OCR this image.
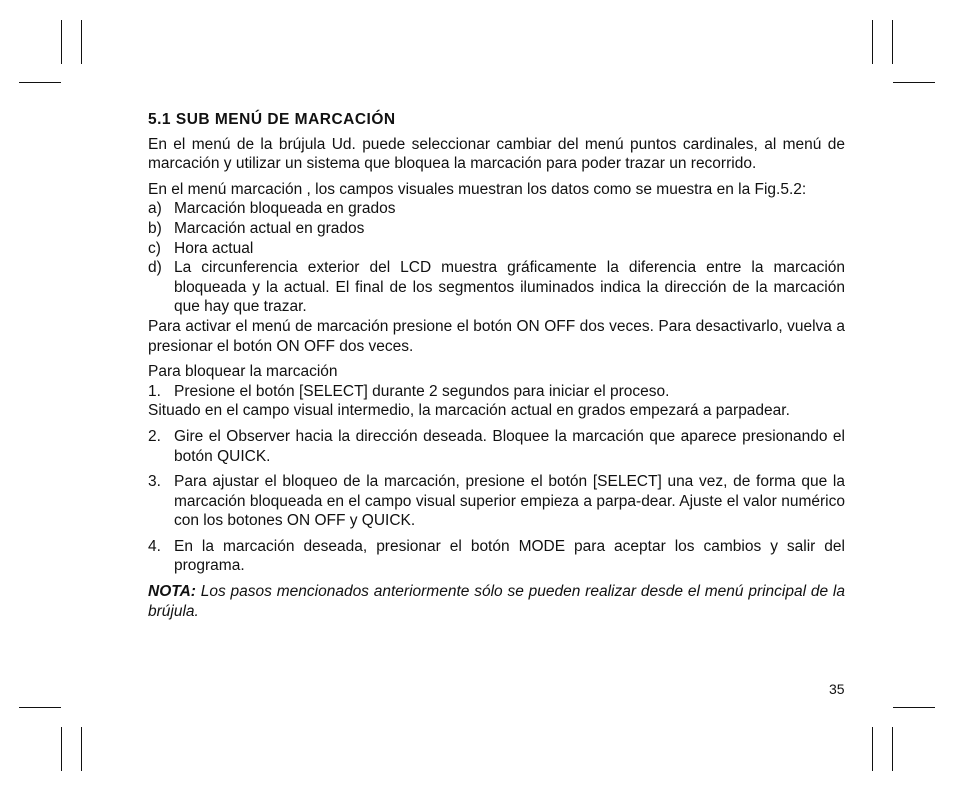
5.1 SUB MENÚ DE MARCACIÓN
En el menú de la brújula Ud. puede seleccionar cambiar del menú puntos cardinales, al menú de marcación y utilizar un sistema que bloquea la marcación para poder trazar un recorrido.
En el menú marcación , los campos visuales muestran los datos como se muestra en la Fig.5.2:
a) Marcación bloqueada en grados
b) Marcación actual en grados
c) Hora actual
d) La circunferencia exterior del LCD muestra gráficamente la diferencia entre la marcación bloqueada y la actual. El final de los segmentos iluminados indica la dirección de la marcación que hay que trazar.
Para activar el menú de marcación presione el botón ON OFF dos veces. Para desactivarlo, vuelva a presionar el botón ON OFF dos veces.
Para bloquear la marcación
1. Presione el botón [SELECT] durante 2 segundos para iniciar el proceso.
Situado en el campo visual intermedio, la marcación actual en grados empezará a parpadear.
2. Gire el Observer hacia la dirección deseada. Bloquee la marcación que aparece presionando el botón QUICK.
3. Para ajustar el bloqueo de la marcación, presione el botón [SELECT] una vez, de forma que la marcación bloqueada en el campo visual superior empieza a parpa-dear. Ajuste el valor numérico con los botones ON OFF y QUICK.
4. En la marcación deseada, presionar el botón MODE para aceptar los cambios y salir del programa.
NOTA: Los pasos mencionados anteriormente sólo se pueden realizar desde el menú principal de la brújula.
35
